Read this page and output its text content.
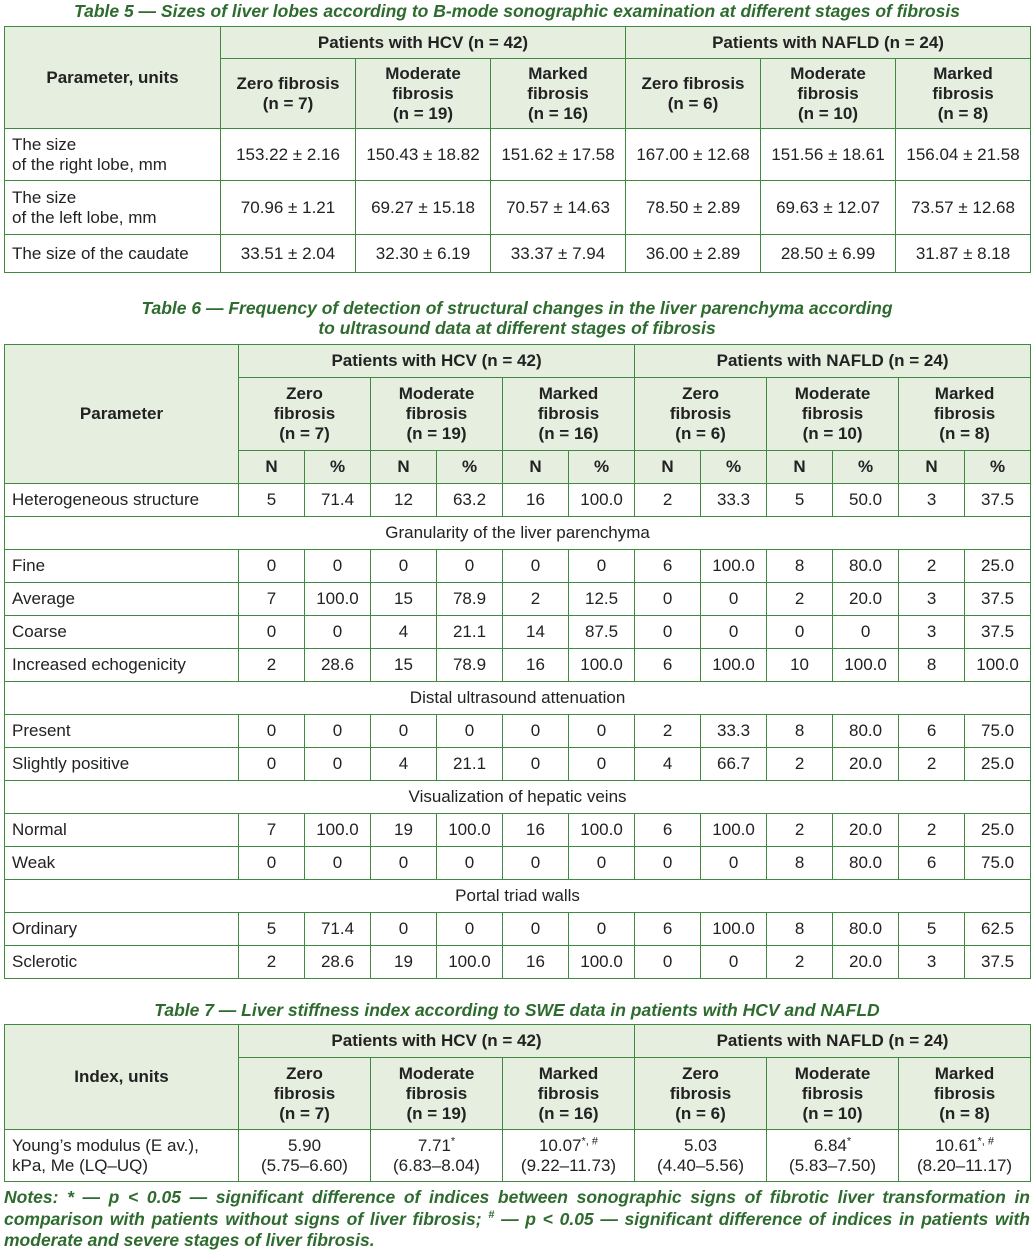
Table 5 — Sizes of liver lobes according to B-mode sonographic examination at different stages of fibrosis
Parameter, units	Patients with HCV (n = 42)			Patients with NAFLD (n = 24)		
	Zero fibrosis
(n = 7)	Moderate
fibrosis
(n = 19)	Marked
fibrosis
(n = 16)	Zero fibrosis
(n = 6)	Moderate
fibrosis
(n = 10)	Marked
fibrosis
(n = 8)
The size
of the right lobe, mm	153.22 ± 2.16	150.43 ± 18.82	151.62 ± 17.58	167.00 ± 12.68	151.56 ± 18.61	156.04 ± 21.58
The size
of the left lobe, mm	70.96 ± 1.21	69.27 ± 15.18	70.57 ± 14.63	78.50 ± 2.89	69.63 ± 12.07	73.57 ± 12.68
The size of the caudate	33.51 ± 2.04	32.30 ± 6.19	33.37 ± 7.94	36.00 ± 2.89	28.50 ± 6.99	31.87 ± 8.18
Table 6 — Frequency of detection of structural changes in the liver parenchyma according
to ultrasound data at different stages of fibrosis
Parameter	Patients with HCV (n = 42)						Patients with NAFLD (n = 24)					
	Zero
fibrosis
(n = 7)		Moderate
fibrosis
(n = 19)		Marked
fibrosis
(n = 16)		Zero
fibrosis
(n = 6)		Moderate
fibrosis
(n = 10)		Marked
fibrosis
(n = 8)	
	N	%	N	%	N	%	N	%	N	%	N	%
Heterogeneous structure	5	71.4	12	63.2	16	100.0	2	33.3	5	50.0	3	37.5
Granularity of the liver parenchyma												
Fine	0	0	0	0	0	0	6	100.0	8	80.0	2	25.0
Average	7	100.0	15	78.9	2	12.5	0	0	2	20.0	3	37.5
Coarse	0	0	4	21.1	14	87.5	0	0	0	0	3	37.5
Increased echogenicity	2	28.6	15	78.9	16	100.0	6	100.0	10	100.0	8	100.0
Distal ultrasound attenuation												
Present	0	0	0	0	0	0	2	33.3	8	80.0	6	75.0
Slightly positive	0	0	4	21.1	0	0	4	66.7	2	20.0	2	25.0
Visualization of hepatic veins												
Normal	7	100.0	19	100.0	16	100.0	6	100.0	2	20.0	2	25.0
Weak	0	0	0	0	0	0	0	0	8	80.0	6	75.0
Portal triad walls												
Ordinary	5	71.4	0	0	0	0	6	100.0	8	80.0	5	62.5
Sclerotic	2	28.6	19	100.0	16	100.0	0	0	2	20.0	3	37.5
Table 7 — Liver stiffness index according to SWE data in patients with HCV and NAFLD
Index, units	Patients with HCV (n = 42)			Patients with NAFLD (n = 24)		
	Zero
fibrosis
(n = 7)	Moderate
fibrosis
(n = 19)	Marked
fibrosis
(n = 16)	Zero
fibrosis
(n = 6)	Moderate
fibrosis
(n = 10)	Marked
fibrosis
(n = 8)
Young’s modulus (E av.),
kPa, Me (LQ–UQ)	5.90
(5.75–6.60)	7.71*
(6.83–8.04)	10.07*, #
(9.22–11.73)	5.03
(4.40–5.56)	6.84*
(5.83–7.50)	10.61*, #
(8.20–11.17)
Notes: * — p < 0.05 — significant difference of indices between sonographic signs of fibrotic liver transformation in comparison with patients without signs of liver fibrosis; # — p < 0.05 — significant difference of indices in patients with moderate and severe stages of liver fibrosis.
